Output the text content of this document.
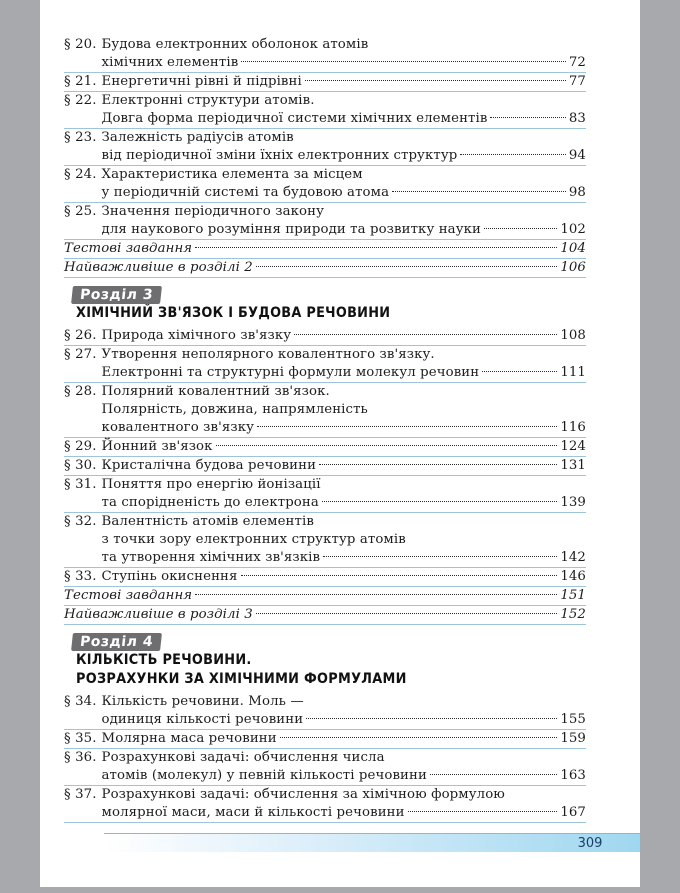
§ 20. Будова електронних оболонок атомів
хімічних елементів	72
§ 21. Енергетичні рівні й підрівні	77
§ 22. Електронні структури атомів.
Довга форма періодичної системи хімічних елементів	83
§ 23. Залежність радіусів атомів
від періодичної зміни їхніх електронних структур	94
§ 24. Характеристика елемента за місцем
у періодичній системі та будовою атома	98
§ 25. Значення періодичного закону
для наукового розуміння природи та розвитку науки	102
Тестові завдання	104
Найважливіше в розділі 2	106
Розділ 3
ХІМІЧНИЙ ЗВ'ЯЗОК І БУДОВА РЕЧОВИНИ
§ 26. Природа хімічного зв'язку	108
§ 27. Утворення неполярного ковалентного зв'язку.
Електронні та структурні формули молекул речовин	111
§ 28. Полярний ковалентний зв'язок.
Полярність, довжина, напрямленість
ковалентного зв'язку	116
§ 29. Йонний зв'язок	124
§ 30. Кристалічна будова речовини	131
§ 31. Поняття про енергію йонізації
та спорідненість до електрона	139
§ 32. Валентність атомів елементів
з точки зору електронних структур атомів
та утворення хімічних зв'язків	142
§ 33. Ступінь окиснення	146
Тестові завдання	151
Найважливіше в розділі 3	152
Розділ 4
КІЛЬКІСТЬ РЕЧОВИНИ.
РОЗРАХУНКИ ЗА ХІМІЧНИМИ ФОРМУЛАМИ
§ 34. Кількість речовини. Моль —
одиниця кількості речовини	155
§ 35. Молярна маса речовини	159
§ 36. Розрахункові задачі: обчислення числа
атомів (молекул) у певній кількості речовини	163
§ 37. Розрахункові задачі: обчислення за хімічною формулою
молярної маси, маси й кількості речовини	167
309
